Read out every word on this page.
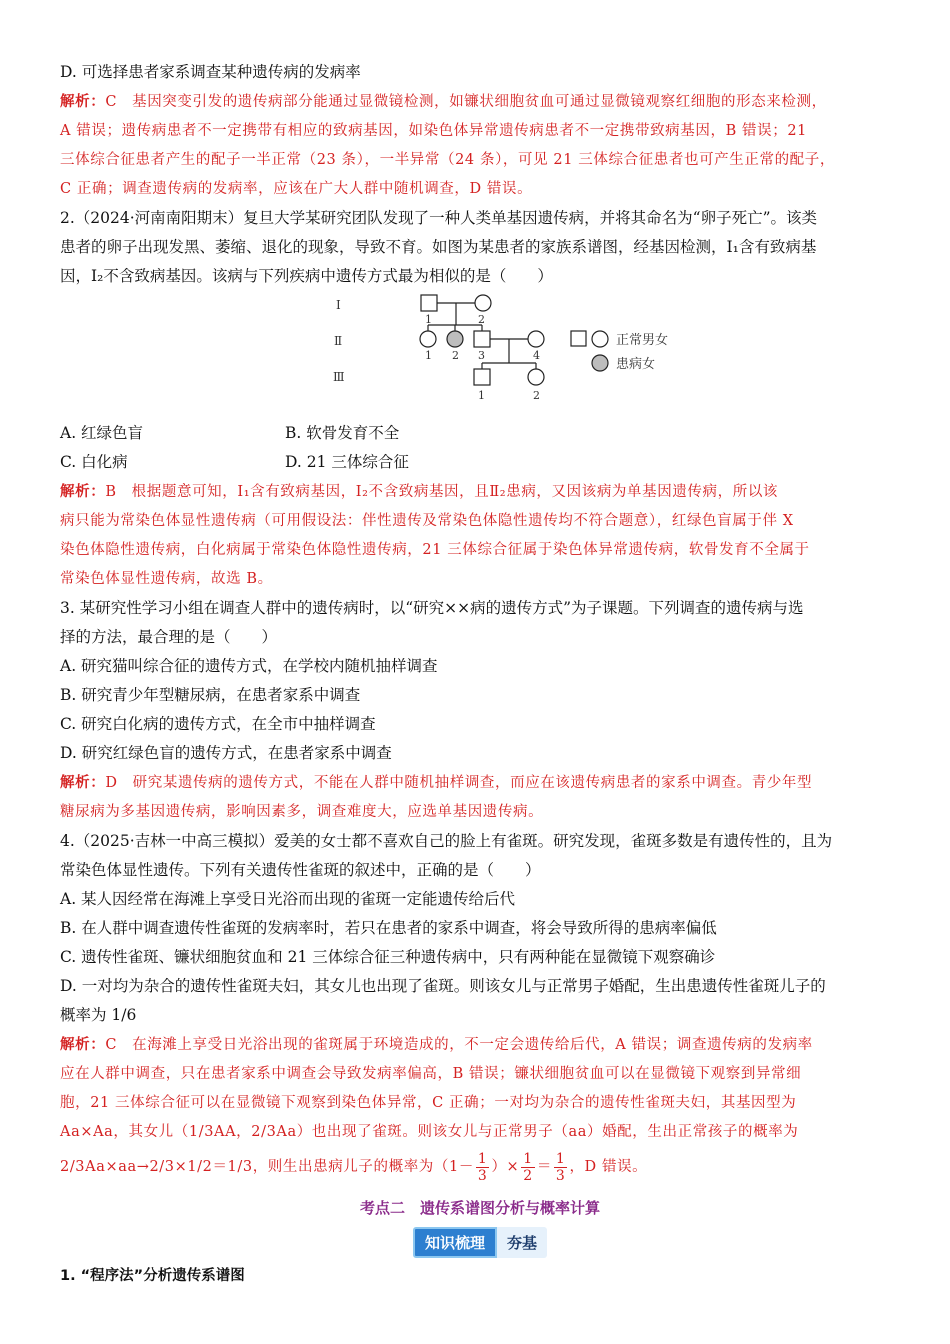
D. 可选择患者家系调查某种遗传病的发病率
解析：C　基因突变引发的遗传病部分能通过显微镜检测，如镰状细胞贫血可通过显微镜观察红细胞的形态来检测，
A 错误；遗传病患者不一定携带有相应的致病基因，如染色体异常遗传病患者不一定携带致病基因，B 错误；21
三体综合征患者产生的配子一半正常（23 条），一半异常（24 条），可见 21 三体综合征患者也可产生正常的配子，
C 正确；调查遗传病的发病率，应该在广大人群中随机调查，D 错误。
2.（2024·河南南阳期末）复旦大学某研究团队发现了一种人类单基因遗传病，并将其命名为“卵子死亡”。该类
患者的卵子出现发黑、萎缩、退化的现象，导致不育。如图为某患者的家族系谱图，经基因检测，Ⅰ₁含有致病基
因，Ⅰ₂不含致病基因。该病与下列疾病中遗传方式最为相似的是（　　）
Ⅰ
Ⅱ
Ⅲ
1	2
1 2 3	4
1	2
正常男女
患病女
A. 红绿色盲	B. 软骨发育不全
C. 白化病	D. 21 三体综合征
解析：B　根据题意可知，Ⅰ₁含有致病基因，Ⅰ₂不含致病基因，且Ⅱ₂患病，又因该病为单基因遗传病，所以该
病只能为常染色体显性遗传病（可用假设法：伴性遗传及常染色体隐性遗传均不符合题意），红绿色盲属于伴 X
染色体隐性遗传病，白化病属于常染色体隐性遗传病，21 三体综合征属于染色体异常遗传病，软骨发育不全属于
常染色体显性遗传病，故选 B。
3. 某研究性学习小组在调查人群中的遗传病时，以“研究××病的遗传方式”为子课题。下列调查的遗传病与选
择的方法，最合理的是（　　）
A. 研究猫叫综合征的遗传方式，在学校内随机抽样调查
B. 研究青少年型糖尿病，在患者家系中调查
C. 研究白化病的遗传方式，在全市中抽样调查
D. 研究红绿色盲的遗传方式，在患者家系中调查
解析：D　研究某遗传病的遗传方式，不能在人群中随机抽样调查，而应在该遗传病患者的家系中调查。青少年型
糖尿病为多基因遗传病，影响因素多，调查难度大，应选单基因遗传病。
4.（2025·吉林一中高三模拟）爱美的女士都不喜欢自己的脸上有雀斑。研究发现，雀斑多数是有遗传性的，且为
常染色体显性遗传。下列有关遗传性雀斑的叙述中，正确的是（　　）
A. 某人因经常在海滩上享受日光浴而出现的雀斑一定能遗传给后代
B. 在人群中调查遗传性雀斑的发病率时，若只在患者的家系中调查，将会导致所得的患病率偏低
C. 遗传性雀斑、镰状细胞贫血和 21 三体综合征三种遗传病中，只有两种能在显微镜下观察确诊
D. 一对均为杂合的遗传性雀斑夫妇，其女儿也出现了雀斑。则该女儿与正常男子婚配，生出患遗传性雀斑儿子的
概率为 1/6
解析：C　在海滩上享受日光浴出现的雀斑属于环境造成的，不一定会遗传给后代，A 错误；调查遗传病的发病率
应在人群中调查，只在患者家系中调查会导致发病率偏高，B 错误；镰状细胞贫血可以在显微镜下观察到异常细
胞，21 三体综合征可以在显微镜下观察到染色体异常，C 正确；一对均为杂合的遗传性雀斑夫妇，其基因型为
Aa×Aa，其女儿（1/3AA，2/3Aa）也出现了雀斑。则该女儿与正常男子（aa）婚配，生出正常孩子的概率为
2/3Aa×aa→2/3×1/2＝1/3，则生出患病儿子的概率为（$1- \frac{1}{3}$ ）× $\frac{1}{2} = \frac{1}{3}$ ，D 错误。
考点二　遗传系谱图分析与概率计算
知识梳理	夯基
1. “程序法”分析遗传系谱图
